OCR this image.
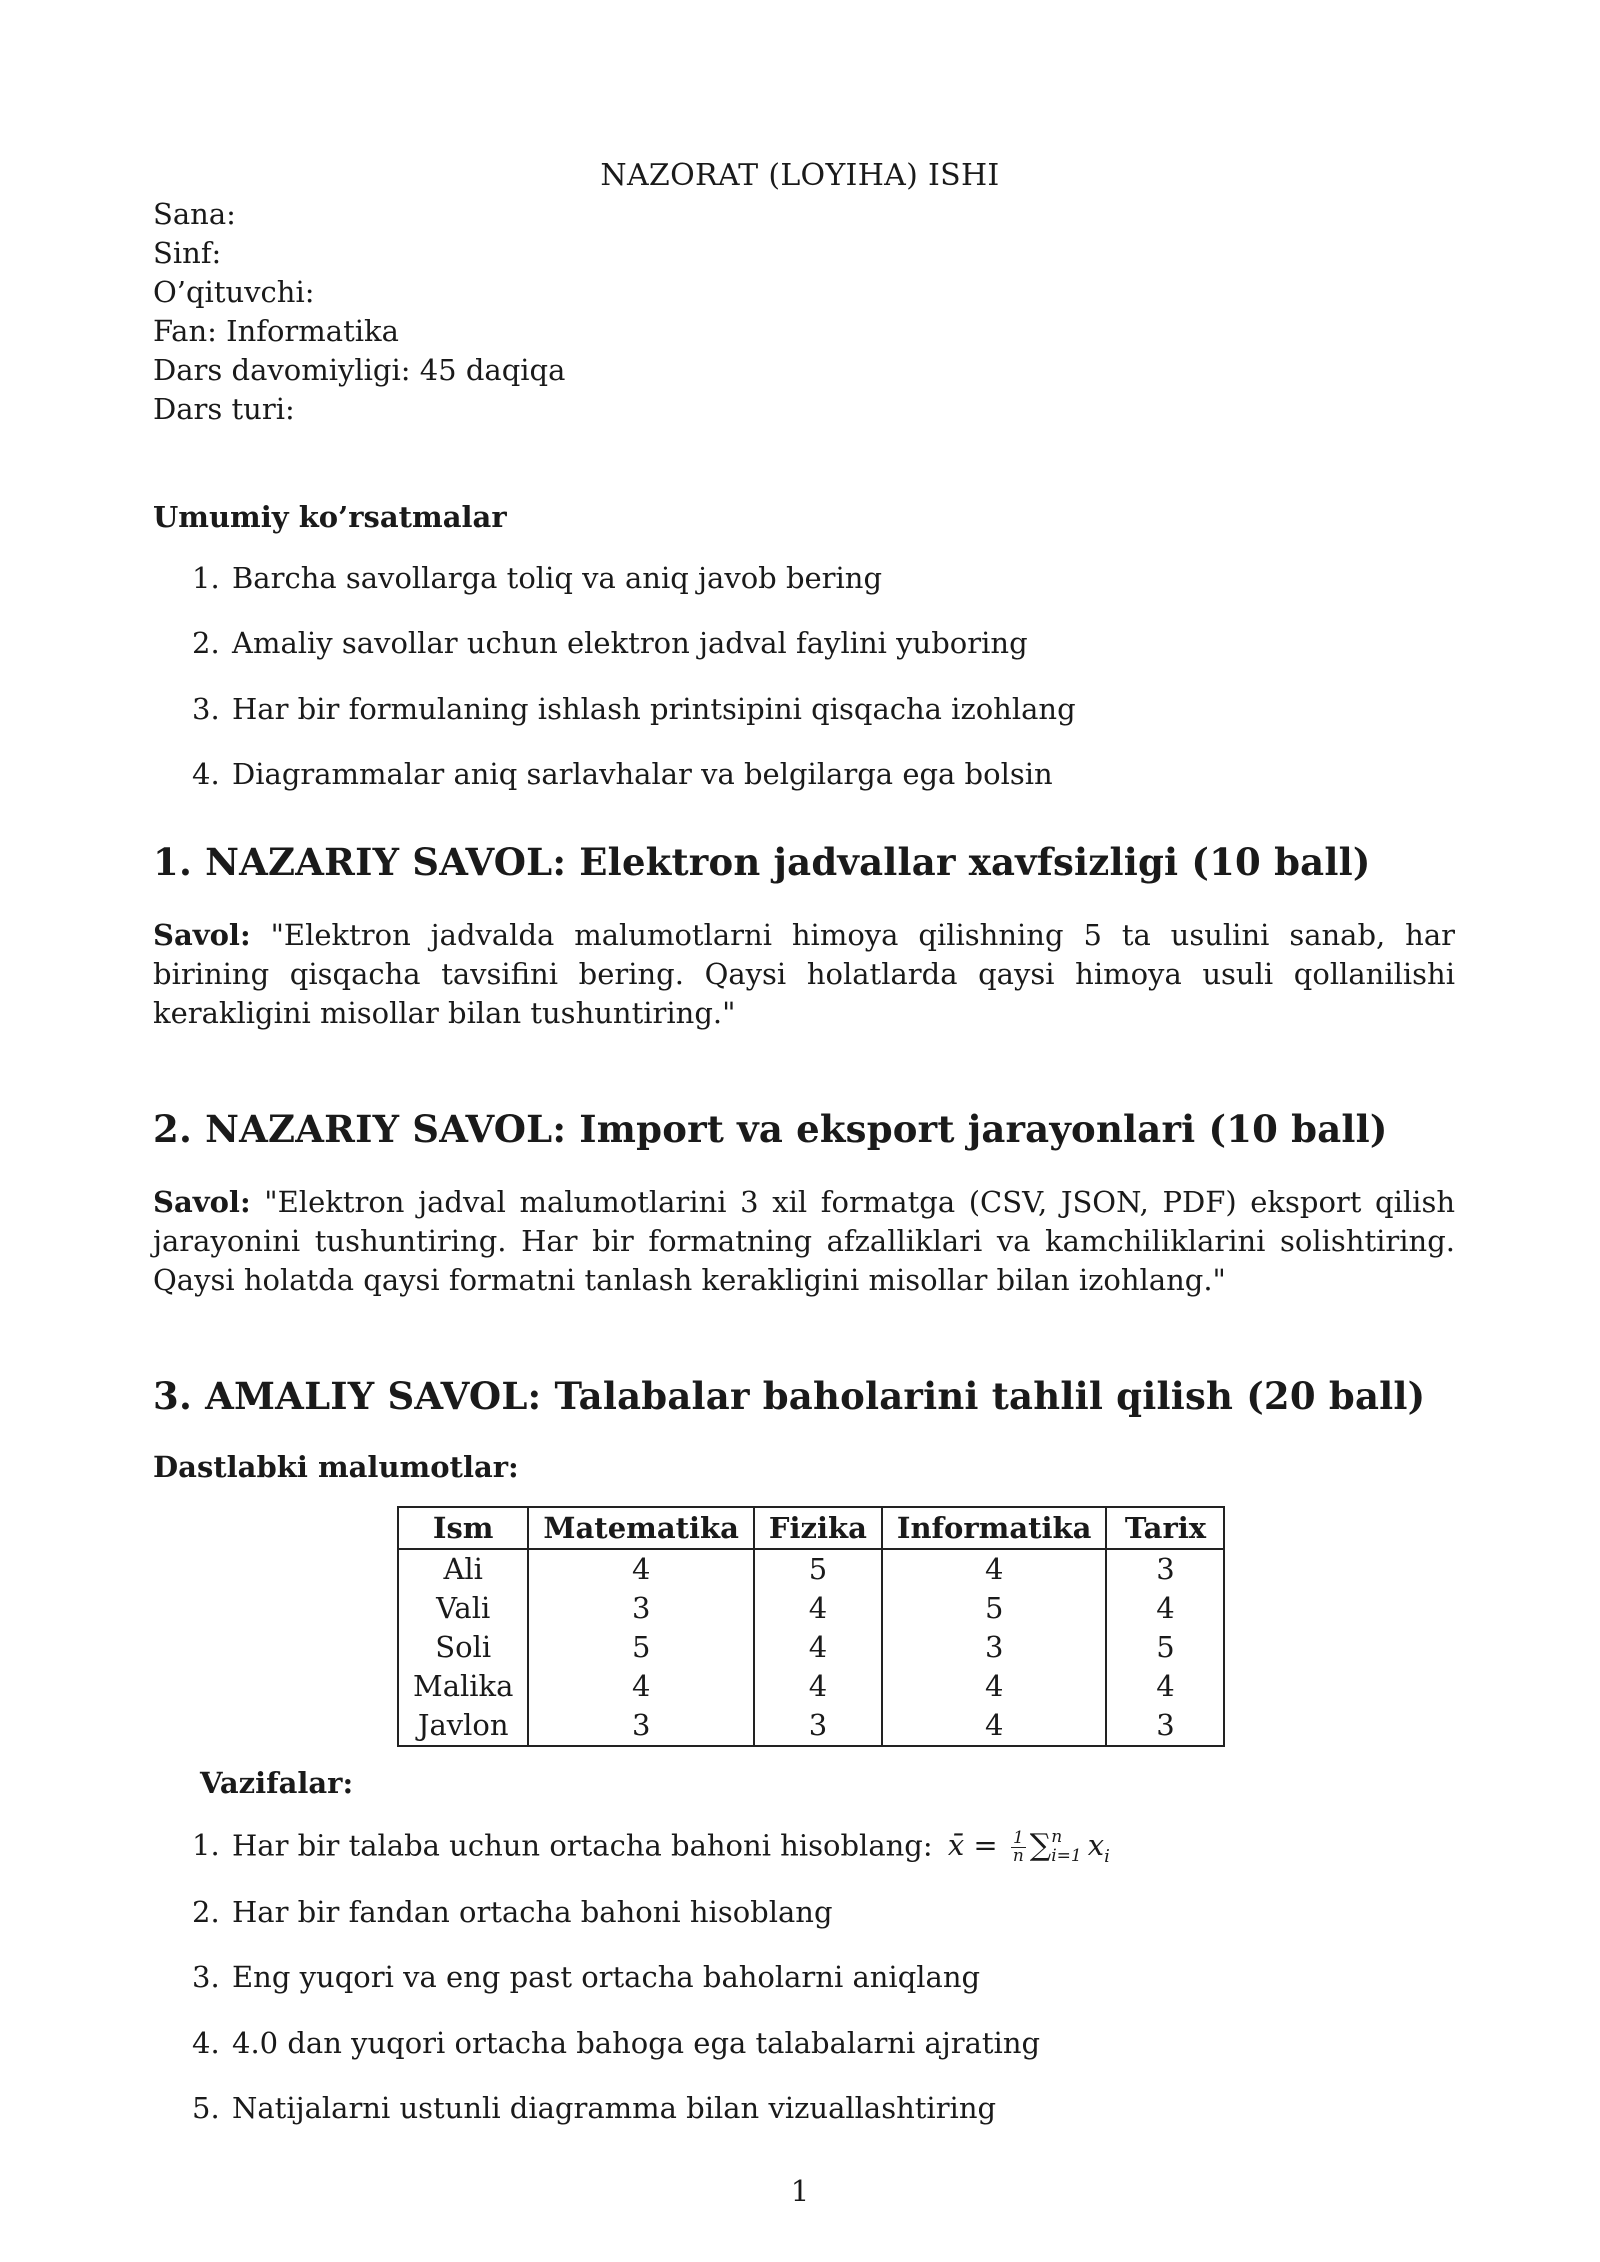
NAZORAT (LOYIHA) ISHI
Sana:
Sinf:
O’qituvchi:
Fan: Informatika
Dars davomiyligi: 45 daqiqa
Dars turi:
Umumiy ko’rsatmalar
1. Barcha savollarga toliq va aniq javob bering
2. Amaliy savollar uchun elektron jadval faylini yuboring
3. Har bir formulaning ishlash printsipini qisqacha izohlang
4. Diagrammalar aniq sarlavhalar va belgilarga ega bolsin
1. NAZARIY SAVOL: Elektron jadvallar xavfsizligi (10 ball)
Savol: "Elektron jadvalda malumotlarni himoya qilishning 5 ta usulini sanab, har birining qisqacha tavsifini bering. Qaysi holatlarda qaysi himoya usuli qollanilishi kerakligini misollar bilan tushuntiring."
2. NAZARIY SAVOL: Import va eksport jarayonlari (10 ball)
Savol: "Elektron jadval malumotlarini 3 xil formatga (CSV, JSON, PDF) eksport qilish jarayonini tushuntiring. Har bir formatning afzalliklari va kamchiliklarini solishtiring. Qaysi holatda qaysi formatni tanlash kerakligini misollar bilan izohlang."
3. AMALIY SAVOL: Talabalar baholarini tahlil qilish (20 ball)
Dastlabki malumotlar:
Ism	Matematika	Fizika	Informatika	Tarix
Ali	4	5	4	3
Vali	3	4	5	4
Soli	5	4	3	5
Malika	4	4	4	4
Javlon	3	3	4	3
Vazifalar:
1. Har bir talaba uchun ortacha bahoni hisoblang: x̄ = $\frac{1}{n}$ ∑ n
i=1 $x_i$
2. Har bir fandan ortacha bahoni hisoblang
3. Eng yuqori va eng past ortacha baholarni aniqlang
4. 4.0 dan yuqori ortacha bahoga ega talabalarni ajrating
5. Natijalarni ustunli diagramma bilan vizuallashtiring
1
